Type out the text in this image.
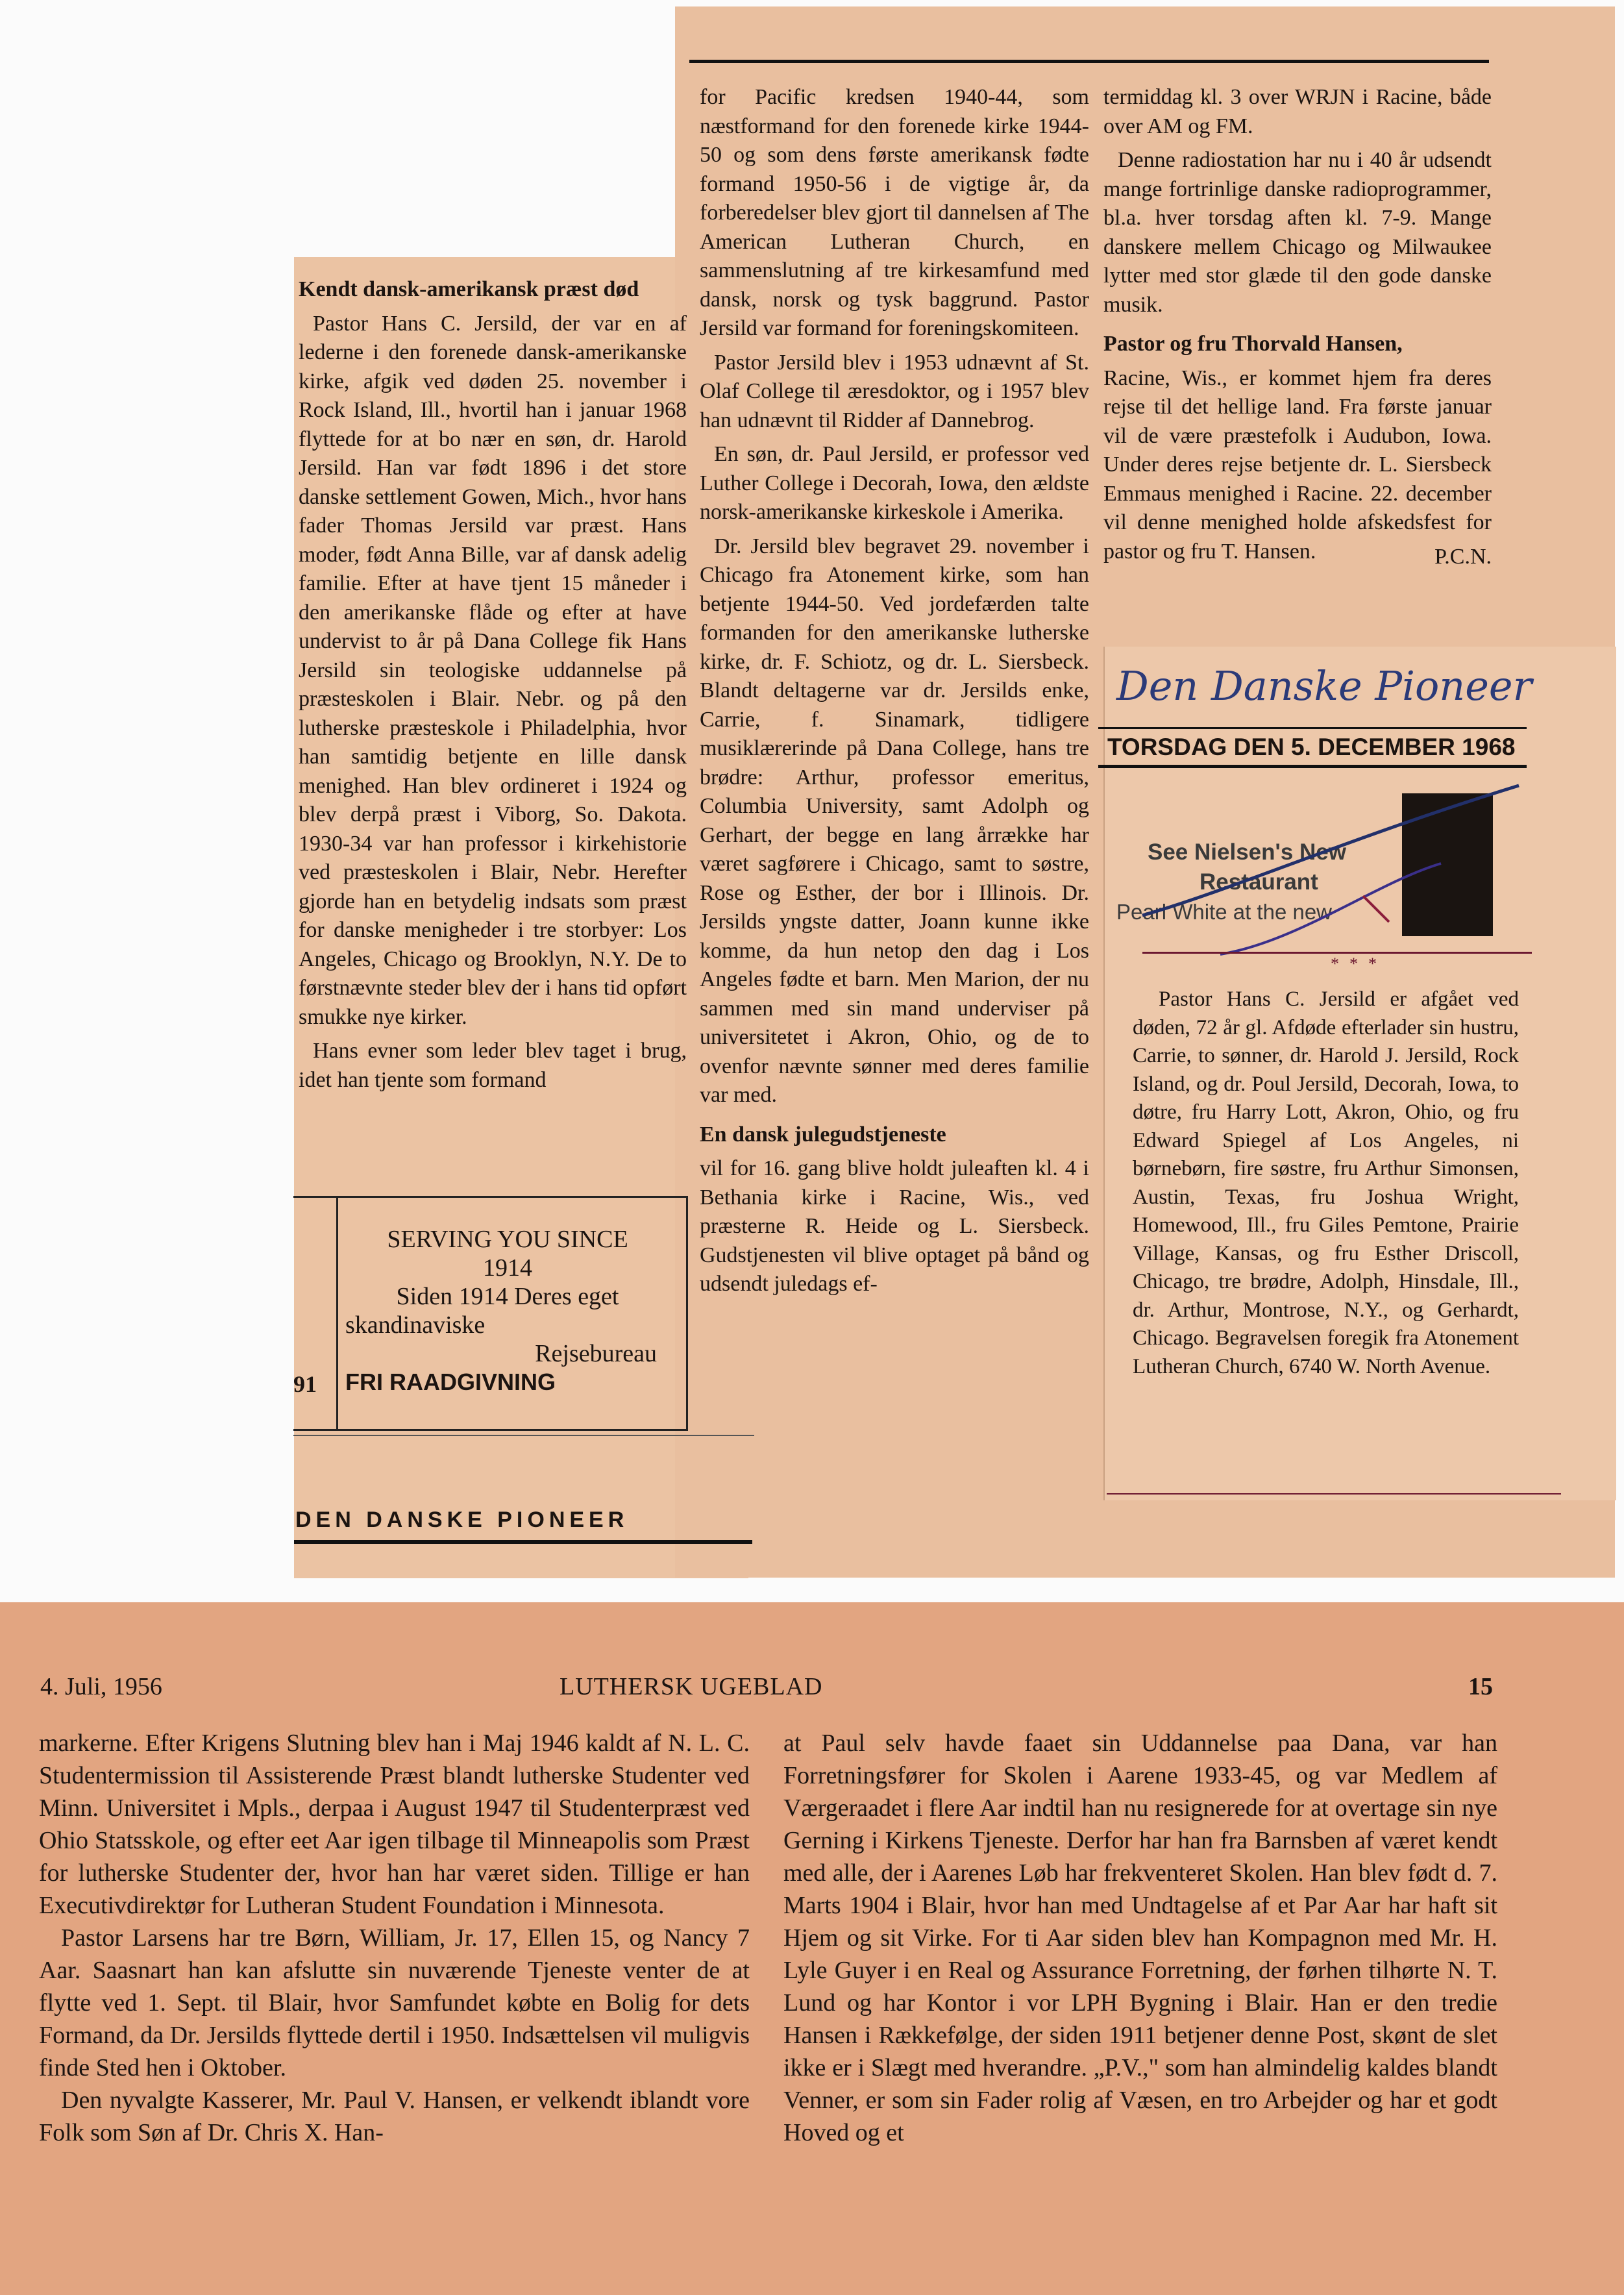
Kendt dansk-amerikansk præst død

Pastor Hans C. Jersild, der var en af lederne i den forenede dansk-amerikanske kirke, afgik ved døden 25. november i Rock Island, Ill., hvortil han i januar 1968 flyttede for at bo nær en søn, dr. Harold Jersild. Han var født 1896 i det store danske settlement Gowen, Mich., hvor hans fader Thomas Jersild var præst. Hans moder, født Anna Bille, var af dansk adelig familie. Efter at have tjent 15 måneder i den amerikanske flåde og efter at have undervist to år på Dana College fik Hans Jersild sin teologiske uddannelse på præsteskolen i Blair. Nebr. og på den lutherske præsteskole i Philadelphia, hvor han samtidig betjente en lille dansk menighed. Han blev ordineret i 1924 og blev derpå præst i Viborg, So. Dakota. 1930-34 var han professor i kirkehistorie ved præsteskolen i Blair, Nebr. Herefter gjorde han en betydelig indsats som præst for danske menigheder i tre storbyer: Los Angeles, Chicago og Brooklyn, N.Y. De to førstnævnte steder blev der i hans tid opført smukke nye kirker.

Hans evner som leder blev taget i brug, idet han tjente som formand

91
SERVING YOU SINCE
1914
Siden 1914 Deres eget
skandinaviske
Rejsebureau
FRI RAADGIVNING
DEN DANSKE PIONEER

for Pacific kredsen 1940-44, som næstformand for den forenede kirke 1944-50 og som dens første amerikansk fødte formand 1950-56 i de vigtige år, da forberedelser blev gjort til dannelsen af The American Lutheran Church, en sammenslutning af tre kirkesamfund med dansk, norsk og tysk baggrund. Pastor Jersild var formand for foreningskomiteen.

Pastor Jersild blev i 1953 udnævnt af St. Olaf College til æresdoktor, og i 1957 blev han udnævnt til Ridder af Dannebrog.

En søn, dr. Paul Jersild, er professor ved Luther College i Decorah, Iowa, den ældste norsk-amerikanske kirkeskole i Amerika.

Dr. Jersild blev begravet 29. november i Chicago fra Atonement kirke, som han betjente 1944-50. Ved jordefærden talte formanden for den amerikanske lutherske kirke, dr. F. Schiotz, og dr. L. Siersbeck. Blandt deltagerne var dr. Jersilds enke, Carrie, f. Sinamark, tidligere musiklærerinde på Dana College, hans tre brødre: Arthur, professor emeritus, Columbia University, samt Adolph og Gerhart, der begge en lang årrække har været sagførere i Chicago, samt to søstre, Rose og Esther, der bor i Illinois. Dr. Jersilds yngste datter, Joann kunne ikke komme, da hun netop den dag i Los Angeles fødte et barn. Men Marion, der nu sammen med sin mand underviser på universitetet i Akron, Ohio, og de to ovenfor nævnte sønner med deres familie var med.

En dansk julegudstjeneste

vil for 16. gang blive holdt juleaften kl. 4 i Bethania kirke i Racine, Wis., ved præsterne R. Heide og L. Siersbeck. Gudstjenesten vil blive optaget på bånd og udsendt juledags ef-

termiddag kl. 3 over WRJN i Racine, både over AM og FM.

Denne radiostation har nu i 40 år udsendt mange fortrinlige danske radioprogrammer, bl.a. hver torsdag aften kl. 7-9. Mange danskere mellem Chicago og Milwaukee lytter med stor glæde til den gode danske musik.

Pastor og fru Thorvald Hansen,

Racine, Wis., er kommet hjem fra deres rejse til det hellige land. Fra første januar vil de være præstefolk i Audubon, Iowa. Under deres rejse betjente dr. L. Siersbeck Emmaus menighed i Racine. 22. december vil denne menighed holde afskedsfest for pastor og fru T. Hansen.	P.C.N.

Den Danske Pioneer
TORSDAG DEN 5. DECEMBER 1968
See Nielsen's New
Restaurant
Pearl White at the new
***

Pastor Hans C. Jersild er afgået ved døden, 72 år gl. Afdøde efterlader sin hustru, Carrie, to sønner, dr. Harold J. Jersild, Rock Island, og dr. Poul Jersild, Decorah, Iowa, to døtre, fru Harry Lott, Akron, Ohio, og fru Edward Spiegel af Los Angeles, ni børnebørn, fire søstre, fru Arthur Simonsen, Austin, Texas, fru Joshua Wright, Homewood, Ill., fru Giles Pemtone, Prairie Village, Kansas, og fru Esther Driscoll, Chicago, tre brødre, Adolph, Hinsdale, Ill., dr. Arthur, Montrose, N.Y., og Gerhardt, Chicago. Begravelsen foregik fra Atonement Lutheran Church, 6740 W. North Avenue.

4. Juli, 1956	LUTHERSK UGEBLAD	15

markerne. Efter Krigens Slutning blev han i Maj 1946 kaldt af N. L. C. Studentermission til Assisterende Præst blandt lutherske Studenter ved Minn. Universitet i Mpls., derpaa i August 1947 til Studenterpræst ved Ohio Statsskole, og efter eet Aar igen tilbage til Minneapolis som Præst for lutherske Studenter der, hvor han har været siden. Tillige er han Executivdirektør for Lutheran Student Foundation i Minnesota.

Pastor Larsens har tre Børn, William, Jr. 17, Ellen 15, og Nancy 7 Aar. Saasnart han kan afslutte sin nuværende Tjeneste venter de at flytte ved 1. Sept. til Blair, hvor Samfundet købte en Bolig for dets Formand, da Dr. Jersilds flyttede dertil i 1950. Indsættelsen vil muligvis finde Sted hen i Oktober.

Den nyvalgte Kasserer, Mr. Paul V. Hansen, er velkendt iblandt vore Folk som Søn af Dr. Chris X. Han-

at Paul selv havde faaet sin Uddannelse paa Dana, var han Forretningsfører for Skolen i Aarene 1933-45, og var Medlem af Værgeraadet i flere Aar indtil han nu resignerede for at overtage sin nye Gerning i Kirkens Tjeneste. Derfor har han fra Barnsben af været kendt med alle, der i Aarenes Løb har frekventeret Skolen. Han blev født d. 7. Marts 1904 i Blair, hvor han med Undtagelse af et Par Aar har haft sit Hjem og sit Virke. For ti Aar siden blev han Kompagnon med Mr. H. Lyle Guyer i en Real og Assurance Forretning, der førhen tilhørte N. T. Lund og har Kontor i vor LPH Bygning i Blair. Han er den tredie Hansen i Rækkefølge, der siden 1911 betjener denne Post, skønt de slet ikke er i Slægt med hverandre. „P.V.," som han almindelig kaldes blandt Venner, er som sin Fader rolig af Væsen, en tro Arbejder og har et godt Hoved og et
